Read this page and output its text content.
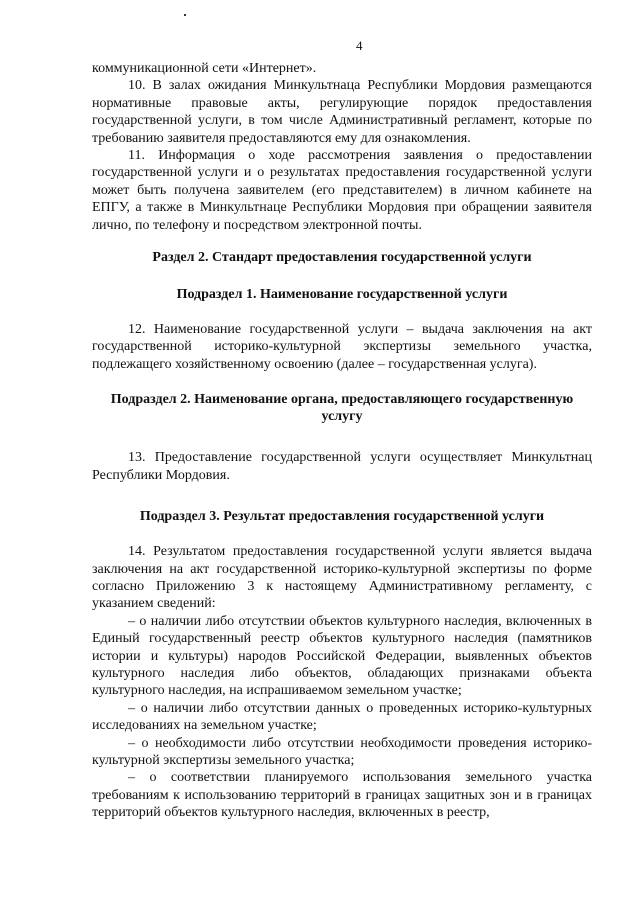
4

коммуникационной сети «Интернет».

10. В залах ожидания Минкультнаца Республики Мордовия размещаются нормативные правовые акты, регулирующие порядок предоставления государственной услуги, в том числе Административный регламент, которые по требованию заявителя предоставляются ему для ознакомления.

11. Информация о ходе рассмотрения заявления о предоставлении государственной услуги и о результатах предоставления государственной услуги может быть получена заявителем (его представителем) в личном кабинете на ЕПГУ, а также в Минкультнаце Республики Мордовия при обращении заявителя лично, по телефону и посредством электронной почты.

Раздел 2. Стандарт предоставления государственной услуги

Подраздел 1. Наименование государственной услуги

12. Наименование государственной услуги – выдача заключения на акт государственной историко-культурной экспертизы земельного участка, подлежащего хозяйственному освоению (далее – государственная услуга).

Подраздел 2. Наименование органа, предоставляющего государственную услугу

13. Предоставление государственной услуги осуществляет Минкультнац Республики Мордовия.

Подраздел 3. Результат предоставления государственной услуги

14. Результатом предоставления государственной услуги является выдача заключения на акт государственной историко-культурной экспертизы по форме согласно Приложению 3 к настоящему Административному регламенту, с указанием сведений:

– о наличии либо отсутствии объектов культурного наследия, включенных в Единый государственный реестр объектов культурного наследия (памятников истории и культуры) народов Российской Федерации, выявленных объектов культурного наследия либо объектов, обладающих признаками объекта культурного наследия, на испрашиваемом земельном участке;

– о наличии либо отсутствии данных о проведенных историко-культурных исследованиях на земельном участке;

– о необходимости либо отсутствии необходимости проведения историко-культурной экспертизы земельного участка;

– о соответствии планируемого использования земельного участка требованиям к использованию территорий в границах защитных зон и в границах территорий объектов культурного наследия, включенных в реестр,
